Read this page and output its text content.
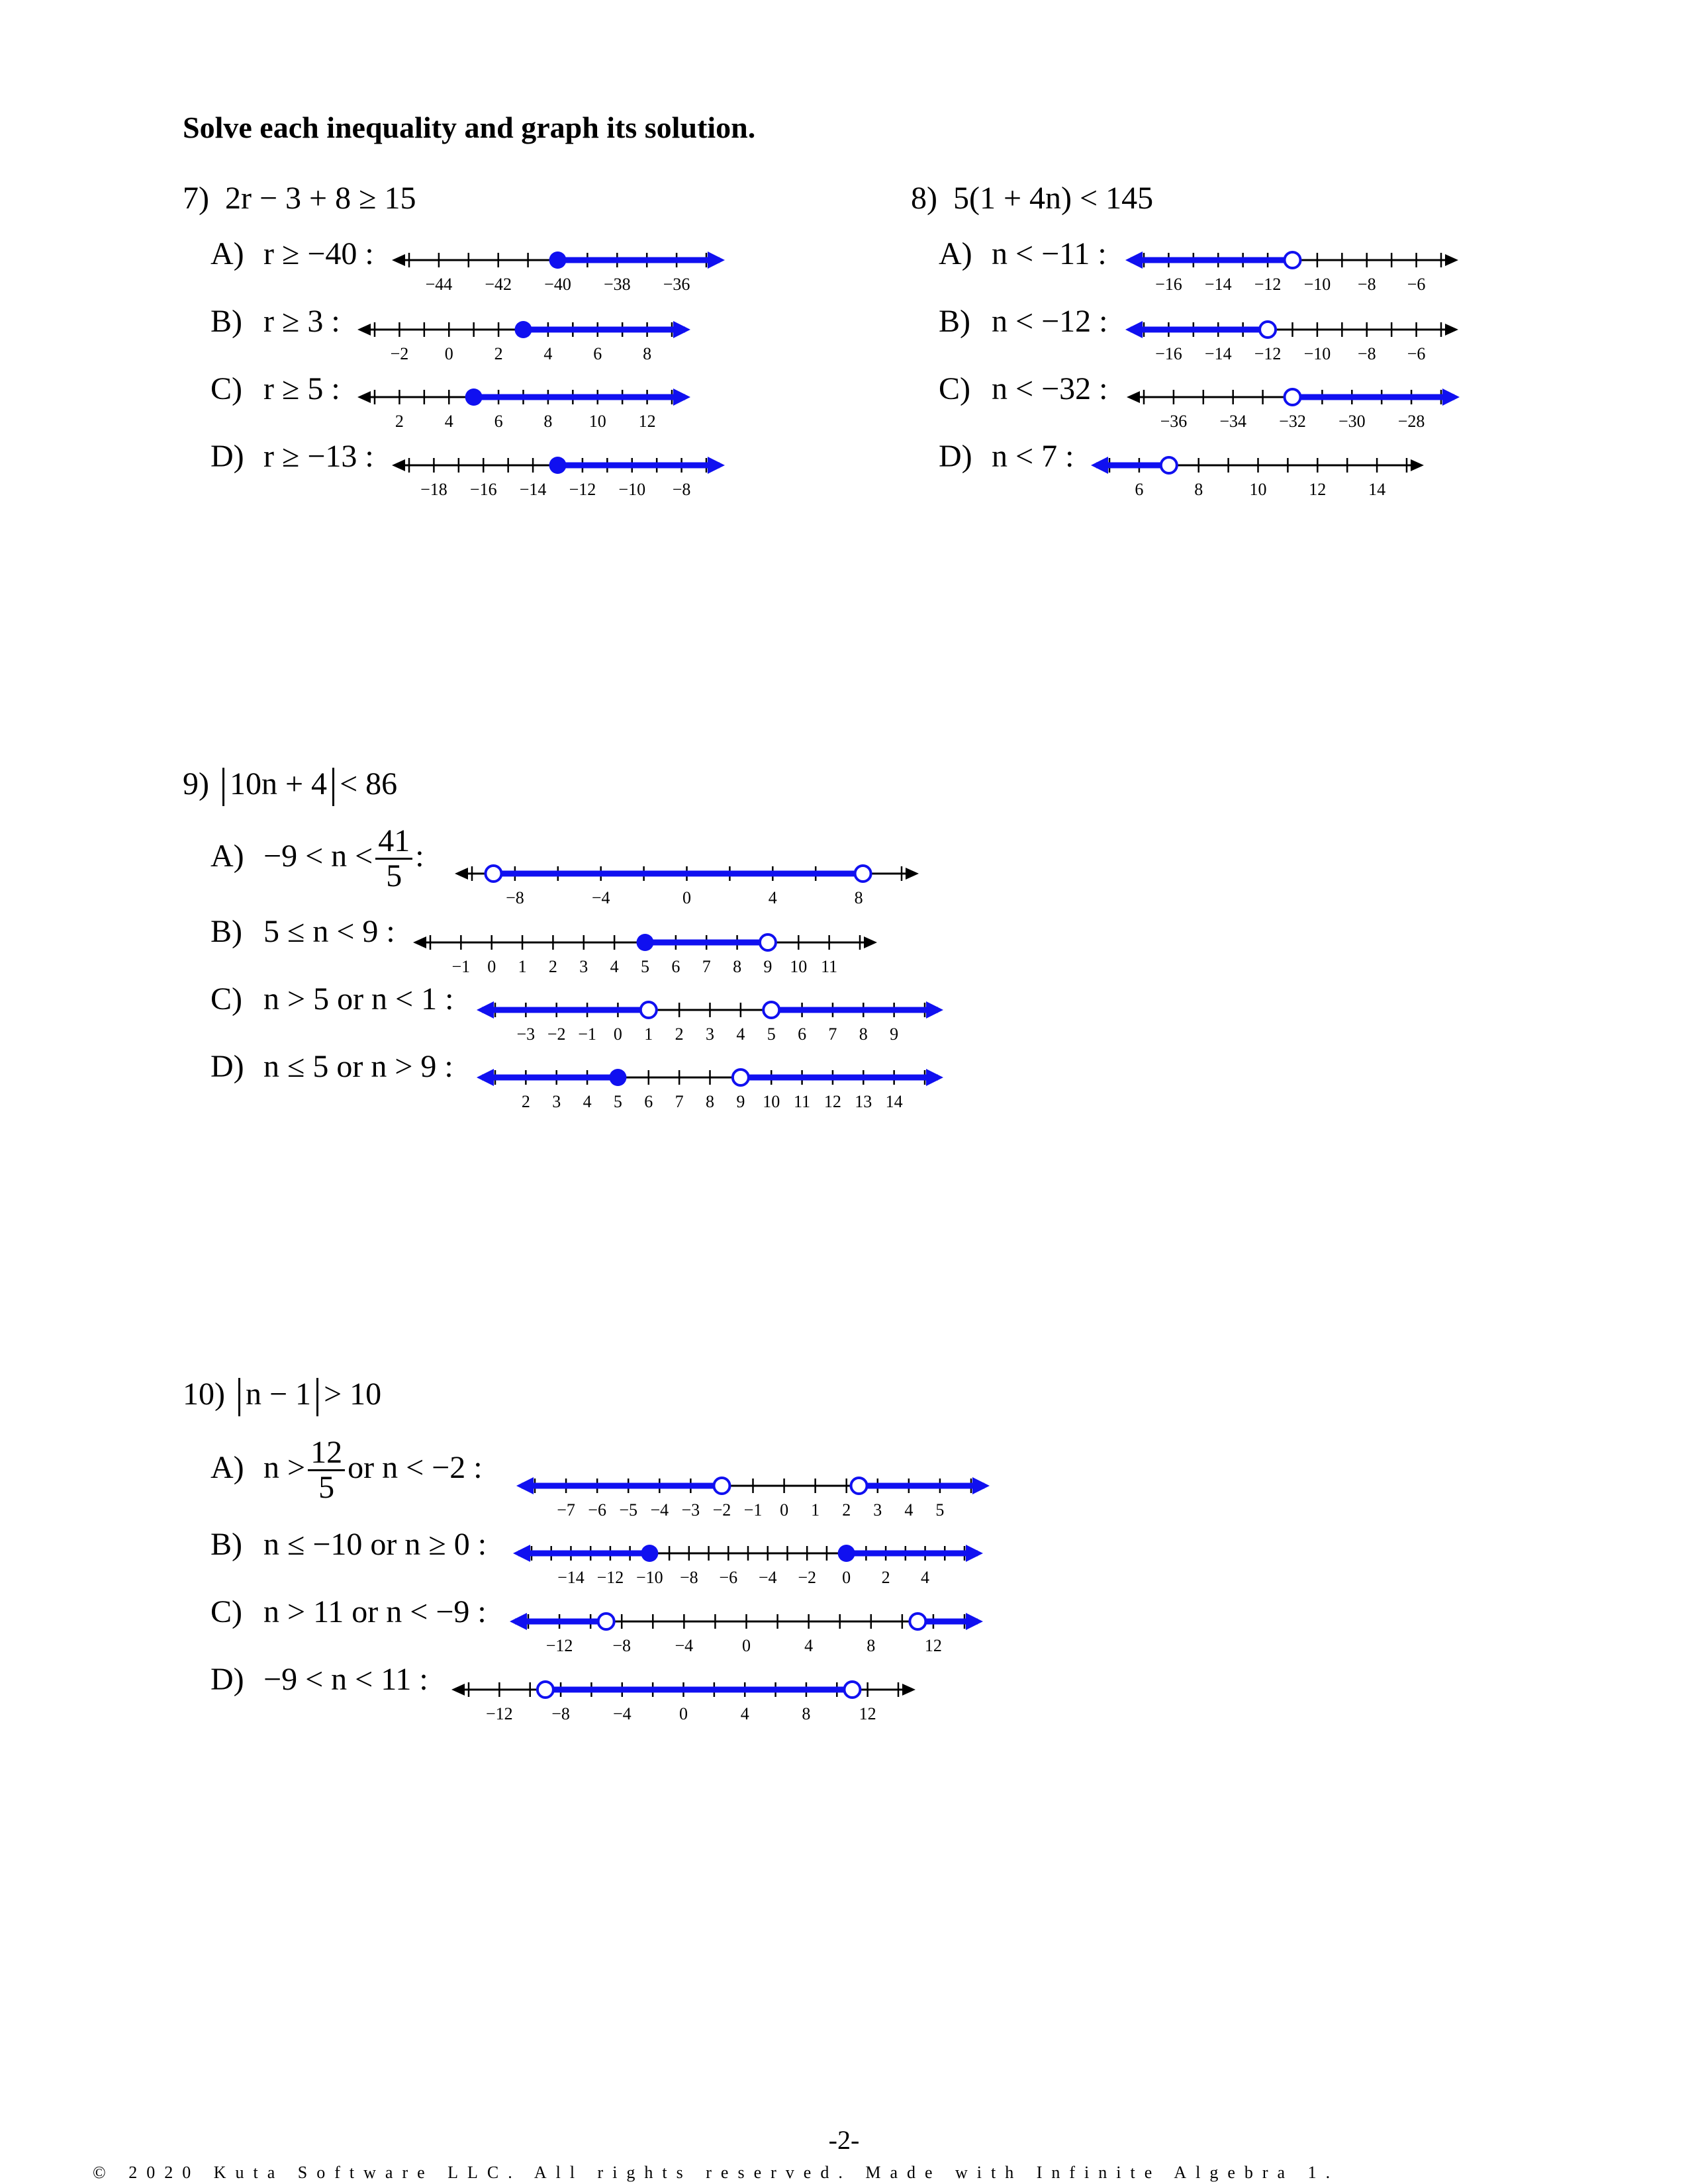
Solve each inequality and graph its solution.
7) 2r − 3 + 8 ≥ 15
A) r ≥ −40 :
−44 −42 −40 −38 −36
B) r ≥ 3 :
−2 0 2 4 6 8
C) r ≥ 5 :
2 4 6 8 10 12
D) r ≥ −13 :
−18 −16 −14 −12 −10 −8
8) 5(1 + 4n) < 145
A) n < −11 :
−16 −14 −12 −10 −8 −6
B) n < −12 :
−16 −14 −12 −10 −8 −6
C) n < −32 :
−36 −34 −32 −30 −28
D) n < 7 :
6	8	10 12 14
9) 10n + 4 < 86
$A) -9 < n < \frac{41}{5}$ :
−8	−4	0	4	8
B) 5 ≤ n < 9 :
−1 0 1 2 3 4 5 6 7 8 9 10 11
C) n > 5 or n < 1 :
−3 −2 −1 0 1 2 3 4 5 6 7 8 9
D) n ≤ 5 or n > 9 :
2 3 4 5 6 7 8 9 10 11 12 13 14
10) n − 1 > 10
A) $n > \frac{12}{5}$ or n < −2 :
−7 −6 −5 −4 −3 −2 −1 0 1 2 3 4 5
B) n ≤ −10 or n ≥ 0 :
−14 −12 −10 −8 −6 −4 −2 0 2 4
C) n > 11 or n < −9 :
−12 −8	−4	0	4	8	12
D) −9 < n < 11 :
−12 −8	−4	0	4	8	12
-2-
© 2020 Kuta Software LLC. All rights reserved. Made with Infinite Algebra 1.
